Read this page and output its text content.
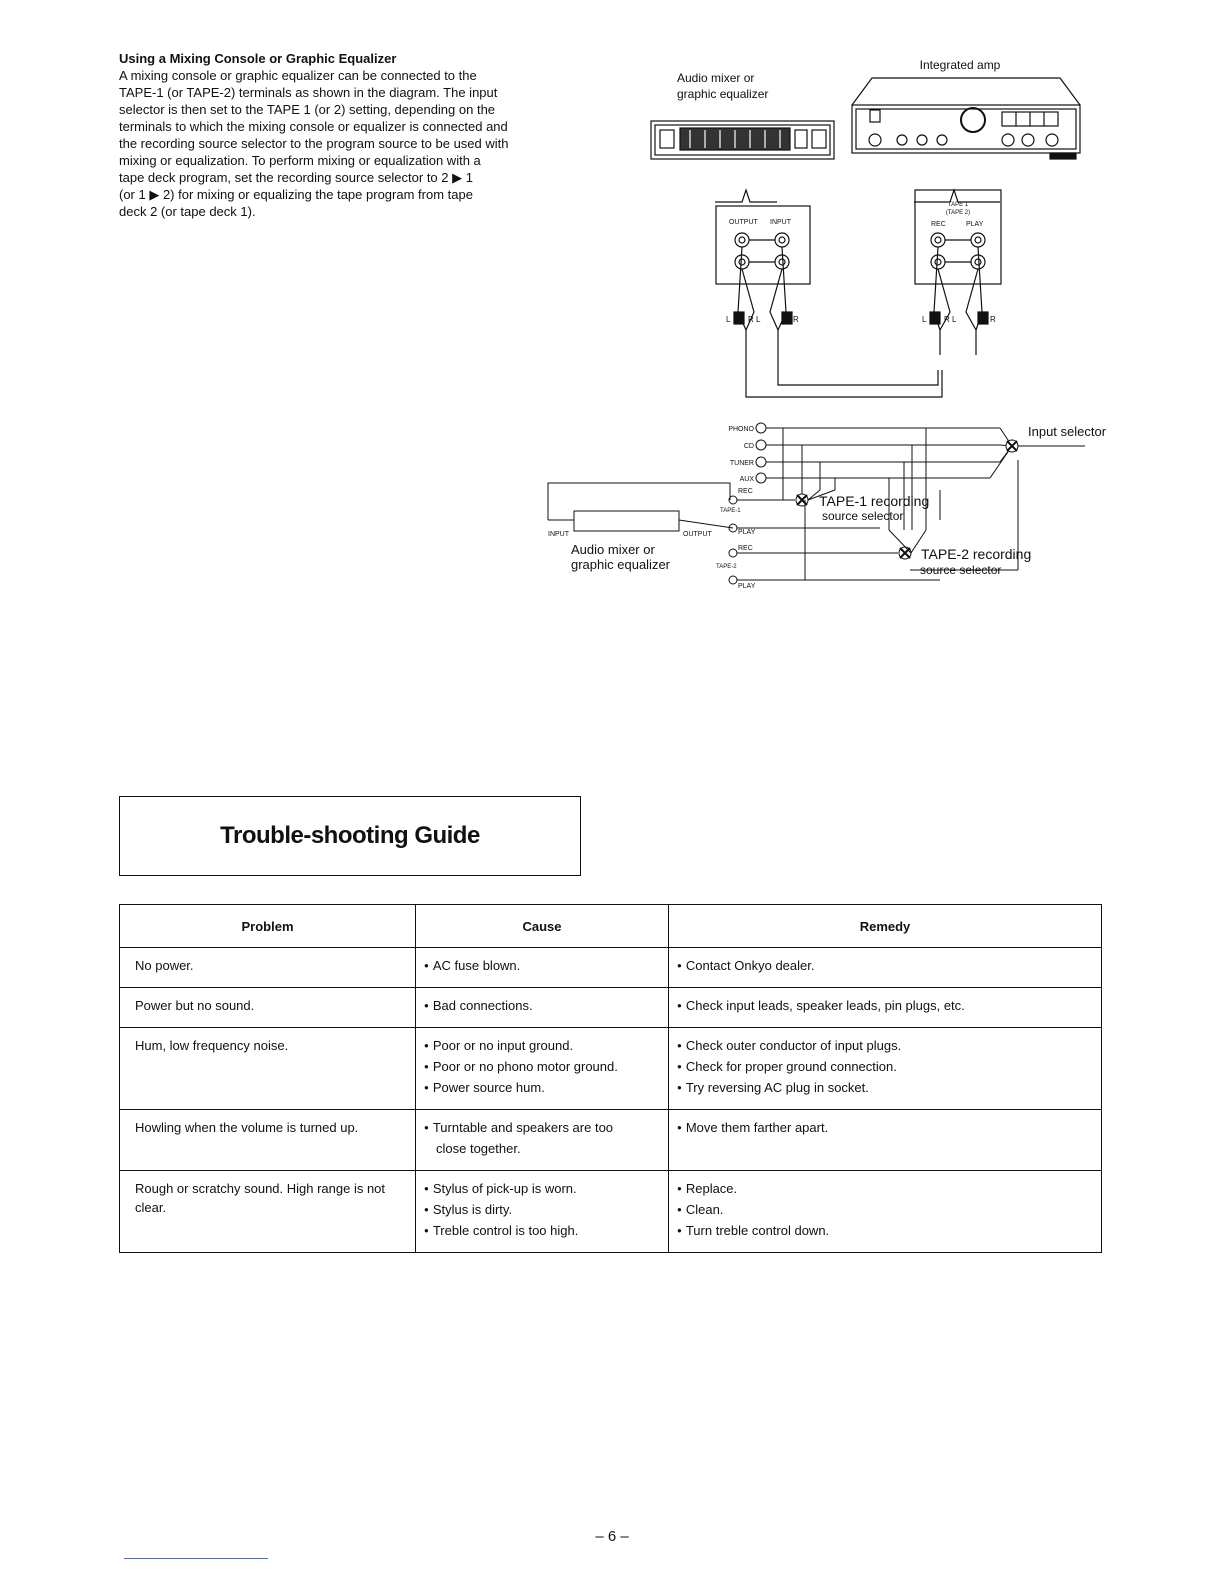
Using a Mixing Console or Graphic Equalizer

A mixing console or graphic equalizer can be connected to the

TAPE-1 (or TAPE-2) terminals as shown in the diagram. The input

selector is then set to the TAPE 1 (or 2) setting, depending on the

terminals to which the mixing console or equalizer is connected and

the recording source selector to the program source to be used with

mixing or equalization. To perform mixing or equalization with a

tape deck program, set the recording source selector to 2 ▶ 1

(or 1 ▶ 2) for mixing or equalizing the tape program from tape

deck 2 (or tape deck 1).

Integrated amp
Audio mixer or
graphic equalizer
OUTPUT INPUT
TAPE 1
(TAPE 2)
REC	PLAY
L	L
R	R	L	L
R	R
PHONO
CD
TUNER
AUX
Input selector
REC
TAPE-1
PLAY
REC
TAPE-2
PLAY
TAPE-1 recording
source selector
TAPE-2 recording
source selector
INPUT	OUTPUT
Audio mixer or
graphic equalizer
Trouble-shooting Guide
Problem	Cause	Remedy
No power.	● AC fuse blown.	● Contact Onkyo dealer.

Power but no sound.	● Bad connections.	● Check input leads, speaker leads, pin plugs, etc.

Hum, low frequency noise.	● Poor or no input ground.
● Poor or no phono motor ground.
● Power source hum.	● Check outer conductor of input plugs.
● Check for proper ground connection.
● Try reversing AC plug in socket.

Howling when the volume is turned up.	● Turntable and speakers are too
close together.	● Move them farther apart.

Rough or scratchy sound. High range is not clear.	● Stylus of pick-up is worn.
● Stylus is dirty.
● Treble control is too high.	● Replace.
● Clean.
● Turn treble control down.
– 6 –
